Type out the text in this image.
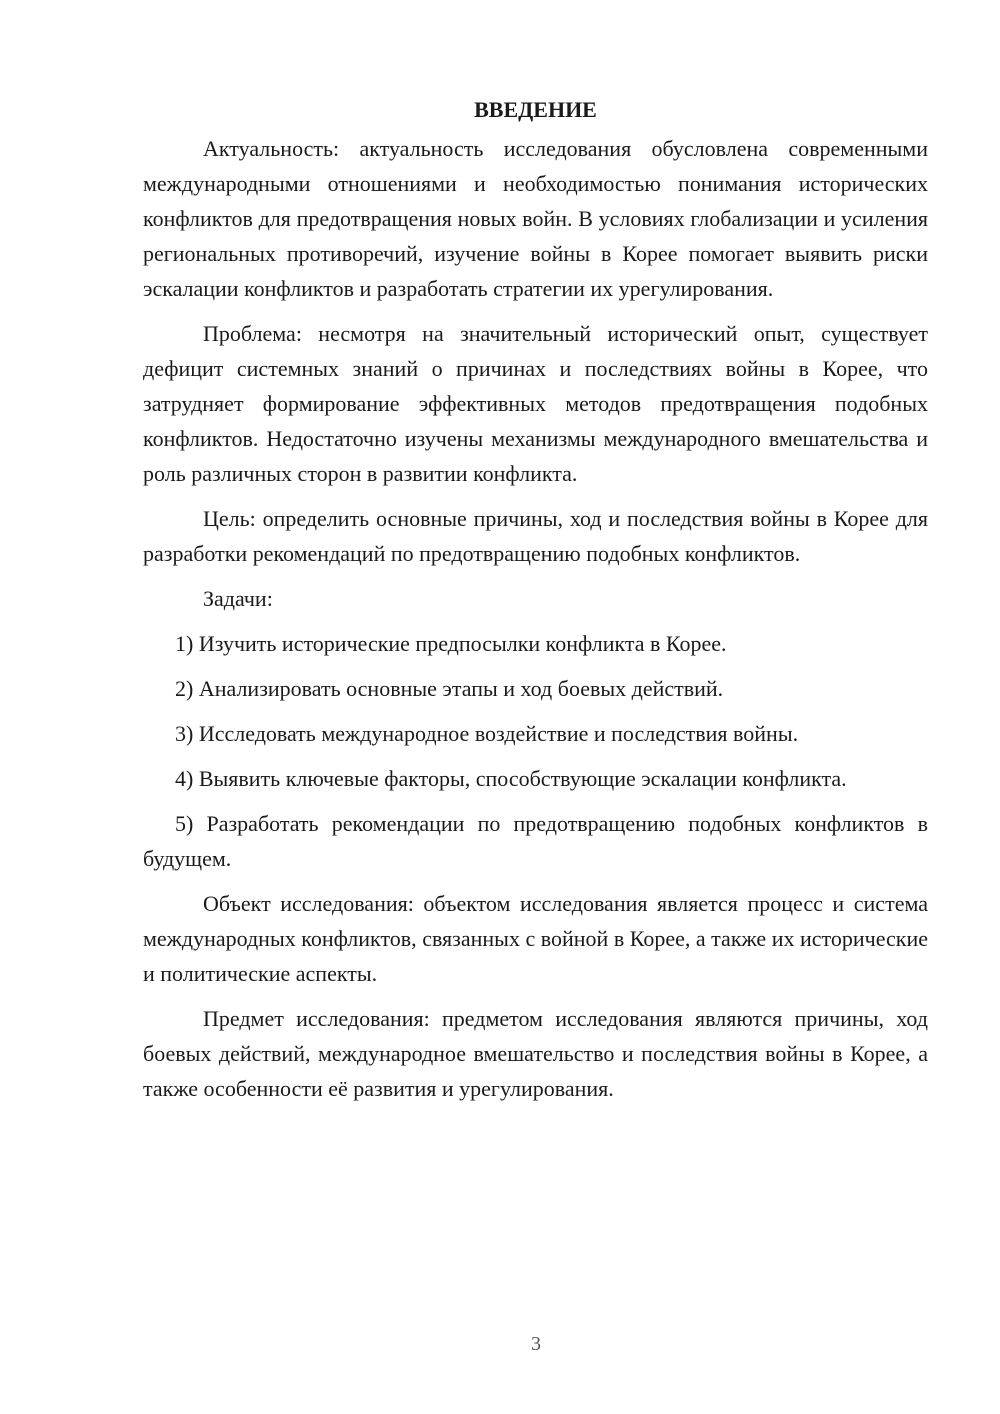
ВВЕДЕНИЕ

Актуальность: актуальность исследования обусловлена современными международными отношениями и необходимостью понимания исторических конфликтов для предотвращения новых войн. В условиях глобализации и усиления региональных противоречий, изучение войны в Корее помогает выявить риски эскалации конфликтов и разработать стратегии их урегулирования.

Проблема: несмотря на значительный исторический опыт, существует дефицит системных знаний о причинах и последствиях войны в Корее, что затрудняет формирование эффективных методов предотвращения подобных конфликтов. Недостаточно изучены механизмы международного вмешательства и роль различных сторон в развитии конфликта.

Цель: определить основные причины, ход и последствия войны в Корее для разработки рекомендаций по предотвращению подобных конфликтов.

Задачи:

1) Изучить исторические предпосылки конфликта в Корее.

2) Анализировать основные этапы и ход боевых действий.

3) Исследовать международное воздействие и последствия войны.

4) Выявить ключевые факторы, способствующие эскалации конфликта.

5) Разработать рекомендации по предотвращению подобных конфликтов в будущем.

Объект исследования: объектом исследования является процесс и система международных конфликтов, связанных с войной в Корее, а также их исторические и политические аспекты.

Предмет исследования: предметом исследования являются причины, ход боевых действий, международное вмешательство и последствия войны в Корее, а также особенности её развития и урегулирования.

3
